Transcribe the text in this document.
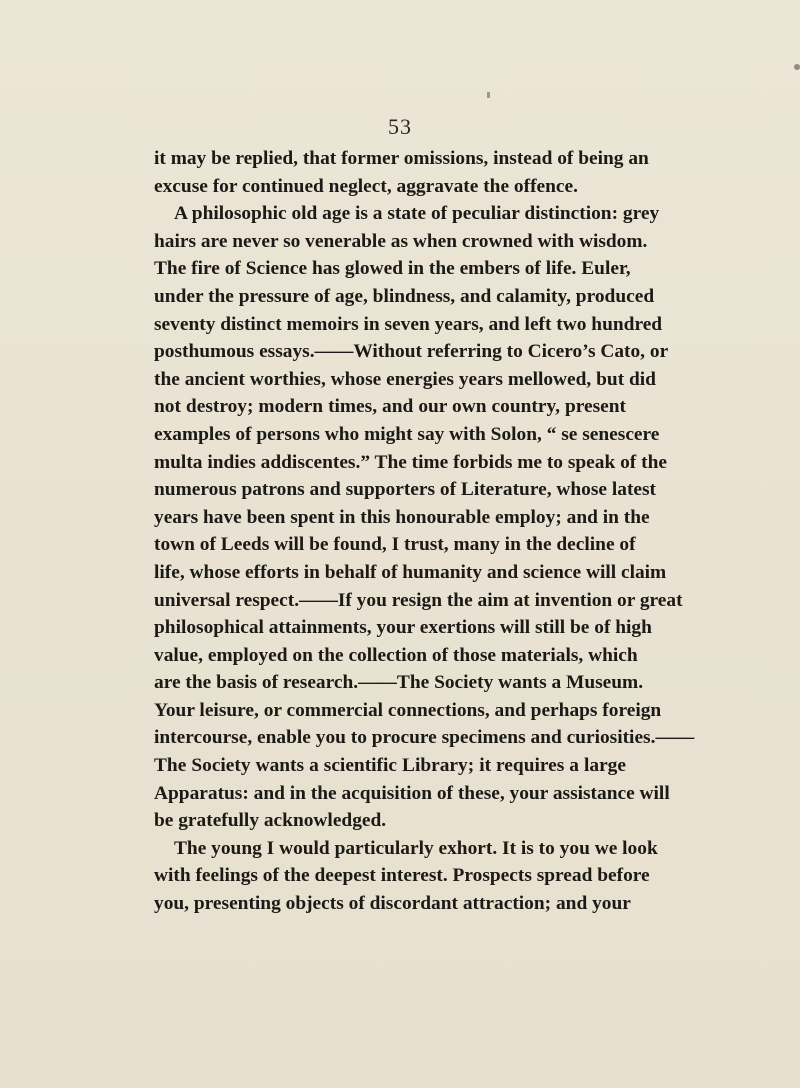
53
it may be replied, that former omissions, instead of being an
excuse for continued neglect, aggravate the offence.
A philosophic old age is a state of peculiar distinction: grey
hairs are never so venerable as when crowned with wisdom.
The fire of Science has glowed in the embers of life. Euler,
under the pressure of age, blindness, and calamity, produced
seventy distinct memoirs in seven years, and left two hundred
posthumous essays.——Without referring to Cicero’s Cato, or
the ancient worthies, whose energies years mellowed, but did
not destroy; modern times, and our own country, present
examples of persons who might say with Solon, “ se senescere
multa indies addiscentes.” The time forbids me to speak of the
numerous patrons and supporters of Literature, whose latest
years have been spent in this honourable employ; and in the
town of Leeds will be found, I trust, many in the decline of
life, whose efforts in behalf of humanity and science will claim
universal respect.——If you resign the aim at invention or great
philosophical attainments, your exertions will still be of high
value, employed on the collection of those materials, which
are the basis of research.——The Society wants a Museum.
Your leisure, or commercial connections, and perhaps foreign
intercourse, enable you to procure specimens and curiosities.——
The Society wants a scientific Library; it requires a large
Apparatus: and in the acquisition of these, your assistance will
be gratefully acknowledged.
The young I would particularly exhort. It is to you we look
with feelings of the deepest interest. Prospects spread before
you, presenting objects of discordant attraction; and your
